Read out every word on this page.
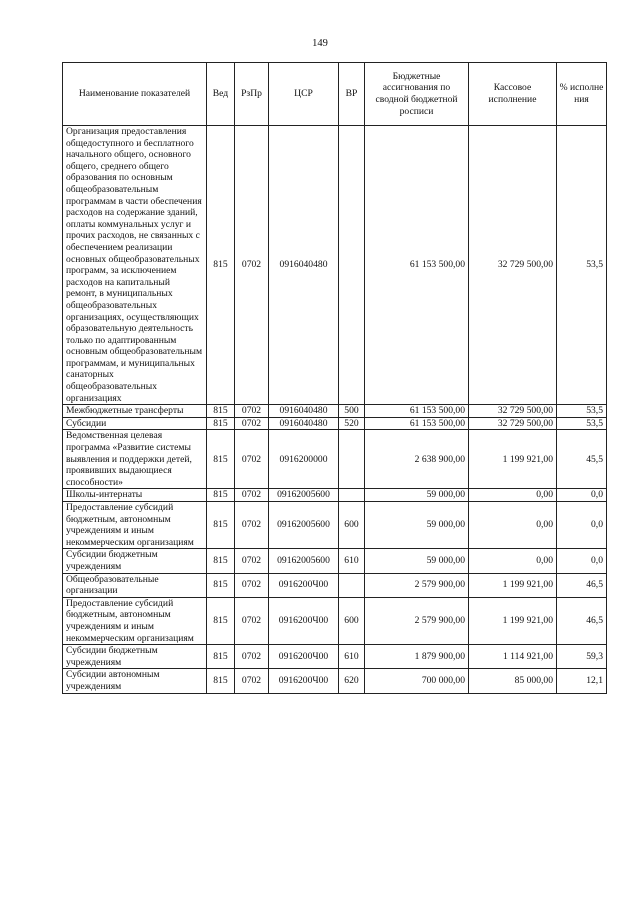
149
Наименование показателей	Вед	РзПр	ЦСР	ВР	Бюджетные ассигнования по сводной бюджетной росписи	Кассовое исполнение	% исполне ния
Организация предоставления общедоступного и бесплатного начального общего, основного общего, среднего общего образования по основным общеобразовательным программам в части обеспечения расходов на содержание зданий, оплаты коммунальных услуг и прочих расходов, не связанных с обеспечением реализации основных общеобразовательных программ, за исключением расходов на капитальный ремонт, в муниципальных общеобразовательных организациях, осуществляющих образовательную деятельность только по адаптированным основным общеобразовательным программам, и муниципальных санаторных общеобразовательных организациях	815	0702	0916040480		61 153 500,00	32 729 500,00	53,5
Межбюджетные трансферты	815	0702	0916040480	500	61 153 500,00	32 729 500,00	53,5
Субсидии	815	0702	0916040480	520	61 153 500,00	32 729 500,00	53,5
Ведомственная целевая программа «Развитие системы выявления и поддержки детей, проявивших выдающиеся способности»	815	0702	0916200000		2 638 900,00	1 199 921,00	45,5
Школы-интернаты	815	0702	09162005600		59 000,00	0,00	0,0
Предоставление субсидий бюджетным, автономным учреждениям и иным некоммерческим организациям	815	0702	09162005600	600	59 000,00	0,00	0,0
Субсидии бюджетным учреждениям	815	0702	09162005600	610	59 000,00	0,00	0,0
Общеобразовательные организации	815	0702	0916200Ч00		2 579 900,00	1 199 921,00	46,5
Предоставление субсидий бюджетным, автономным учреждениям и иным некоммерческим организациям	815	0702	0916200Ч00	600	2 579 900,00	1 199 921,00	46,5
Субсидии бюджетным учреждениям	815	0702	0916200Ч00	610	1 879 900,00	1 114 921,00	59,3
Субсидии автономным учреждениям	815	0702	0916200Ч00	620	700 000,00	85 000,00	12,1
